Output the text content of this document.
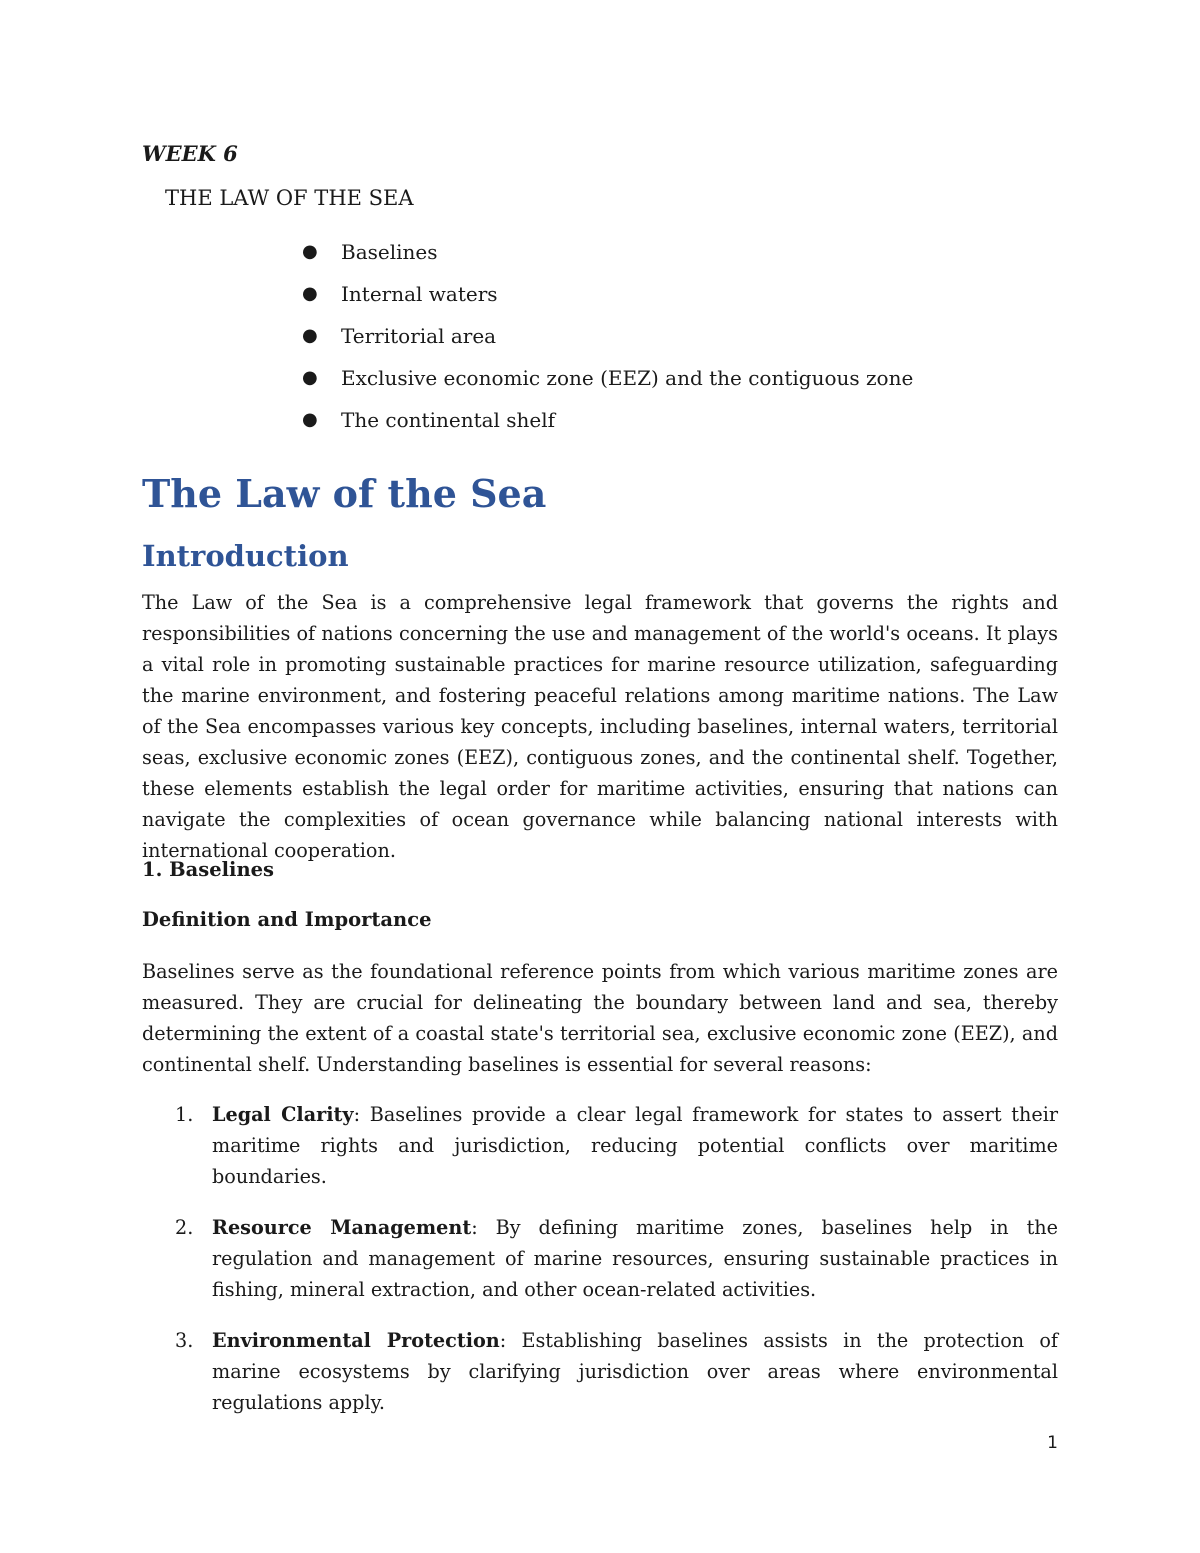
WEEK 6

THE LAW OF THE SEA

●	Baselines
●	Internal waters
●	Territorial area
●	Exclusive economic zone (EEZ) and the contiguous zone
●	The continental shelf
The Law of the Sea
Introduction

The Law of the Sea is a comprehensive legal framework that governs the rights and responsibilities of nations concerning the use and management of the world's oceans. It plays a vital role in promoting sustainable practices for marine resource utilization, safeguarding the marine environment, and fostering peaceful relations among maritime nations. The Law of the Sea encompasses various key concepts, including baselines, internal waters, territorial seas, exclusive economic zones (EEZ), contiguous zones, and the continental shelf. Together, these elements establish the legal order for maritime activities, ensuring that nations can navigate the complexities of ocean governance while balancing national interests with international cooperation.

1. Baselines

Definition and Importance

Baselines serve as the foundational reference points from which various maritime zones are measured. They are crucial for delineating the boundary between land and sea, thereby determining the extent of a coastal state's territorial sea, exclusive economic zone (EEZ), and continental shelf. Understanding baselines is essential for several reasons:

1. Legal Clarity: Baselines provide a clear legal framework for states to assert their maritime rights and jurisdiction, reducing potential conflicts over maritime boundaries.
2. Resource Management: By defining maritime zones, baselines help in the regulation and management of marine resources, ensuring sustainable practices in fishing, mineral extraction, and other ocean-related activities.
3. Environmental Protection: Establishing baselines assists in the protection of marine ecosystems by clarifying jurisdiction over areas where environmental regulations apply.
1
